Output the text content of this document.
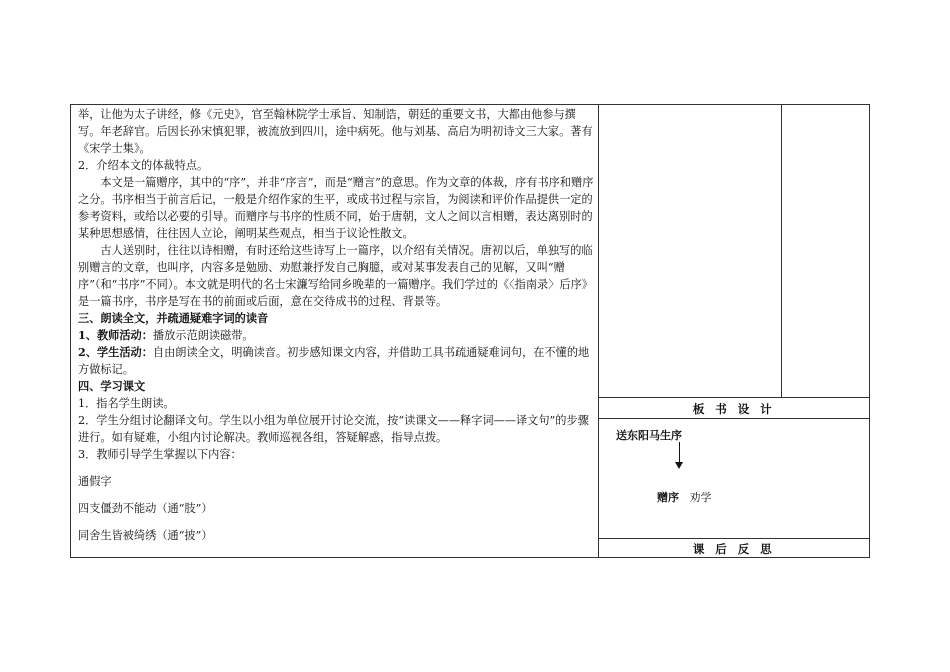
举，让他为太子讲经，修《元史》，官至翰林院学士承旨、知制诰，朝廷的重要文书，大都由他参与撰写。年老辞官。后因长孙宋慎犯罪，被流放到四川，途中病死。他与刘基、高启为明初诗文三大家。著有《宋学士集》。

2．介绍本文的体裁特点。

本文是一篇赠序，其中的“序”，并非“序言”，而是“赠言”的意思。作为文章的体裁，序有书序和赠序之分。书序相当于前言后记，一般是介绍作家的生平，或成书过程与宗旨，为阅读和评价作品提供一定的参考资料，或给以必要的引导。而赠序与书序的性质不同，始于唐朝，文人之间以言相赠，表达离别时的某种思想感情，往往因人立论，阐明某些观点，相当于议论性散文。

古人送别时，往往以诗相赠，有时还给这些诗写上一篇序，以介绍有关情况。唐初以后，单独写的临别赠言的文章，也叫序，内容多是勉励、劝慰兼抒发自己胸臆，或对某事发表自己的见解，又叫“赠序”（和“书序”不同）。本文就是明代的名士宋濂写给同乡晚辈的一篇赠序。我们学过的《〈指南录〉后序》是一篇书序，书序是写在书的前面或后面，意在交待成书的过程、背景等。

三、朗读全文，并疏通疑难字词的读音

1、教师活动：播放示范朗读磁带。

2、学生活动：自由朗读全文，明确读音。初步感知课文内容，并借助工具书疏通疑难词句，在不懂的地方做标记。

四、学习课文

1．指名学生朗读。

2．学生分组讨论翻译文句。学生以小组为单位展开讨论交流，按“读课文——释字词——译文句”的步骤进行。如有疑难，小组内讨论解决。教师巡视各组，答疑解惑，指导点拨。

3．教师引导学生掌握以下内容：

通假字

四支僵劲不能动（通“肢”）

同舍生皆被绮绣（通“披”）

板 书 设 计
送东阳马生序
赠序 劝学
课 后 反 思
